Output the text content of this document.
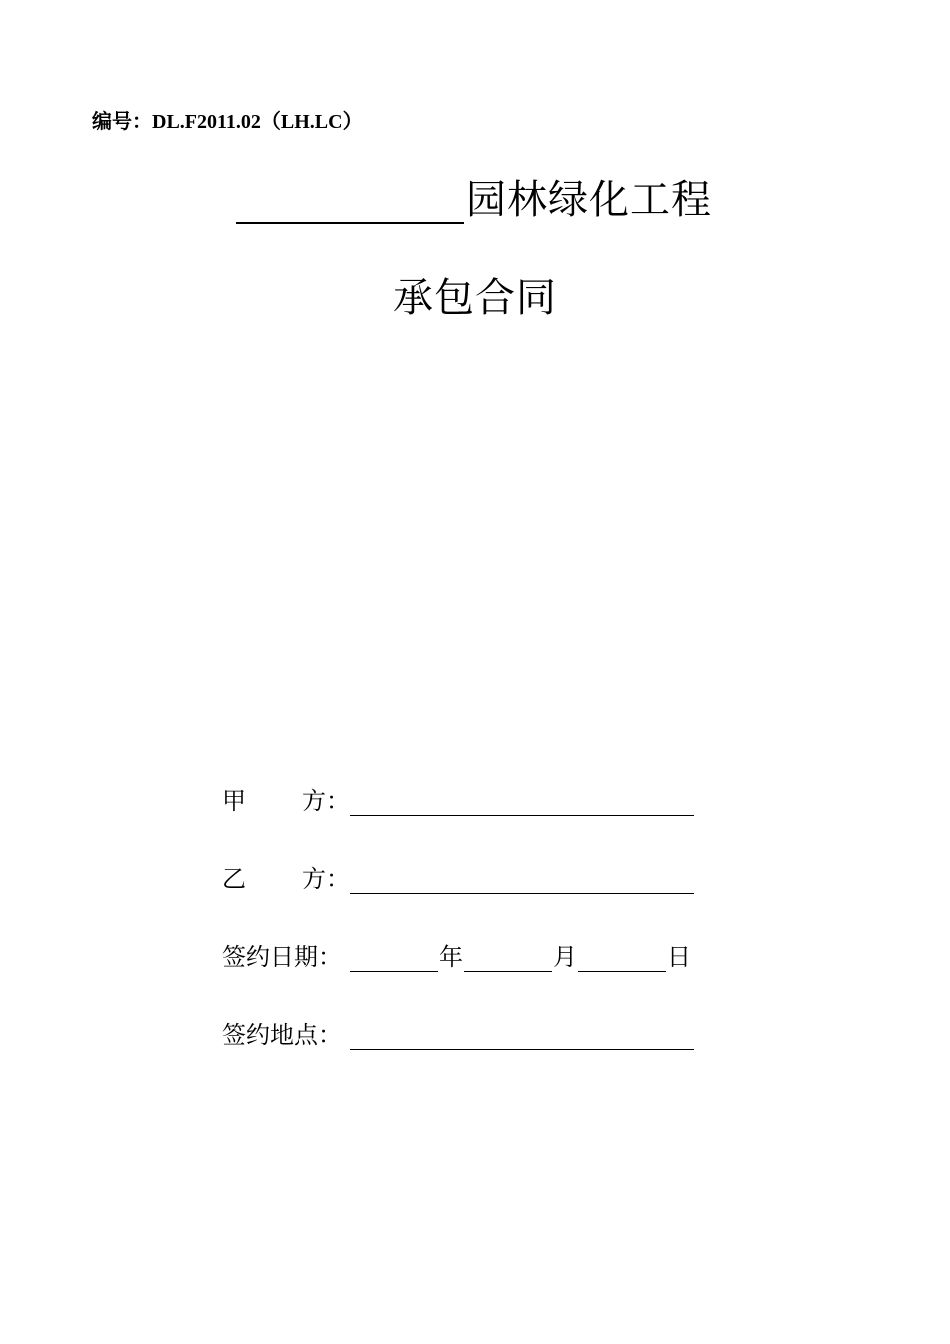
编号：DL.F2011.02（LH.LC）
园林绿化工程
承包合同
甲 方：
乙 方：
签约日期：	年	月	日
签约地点：
